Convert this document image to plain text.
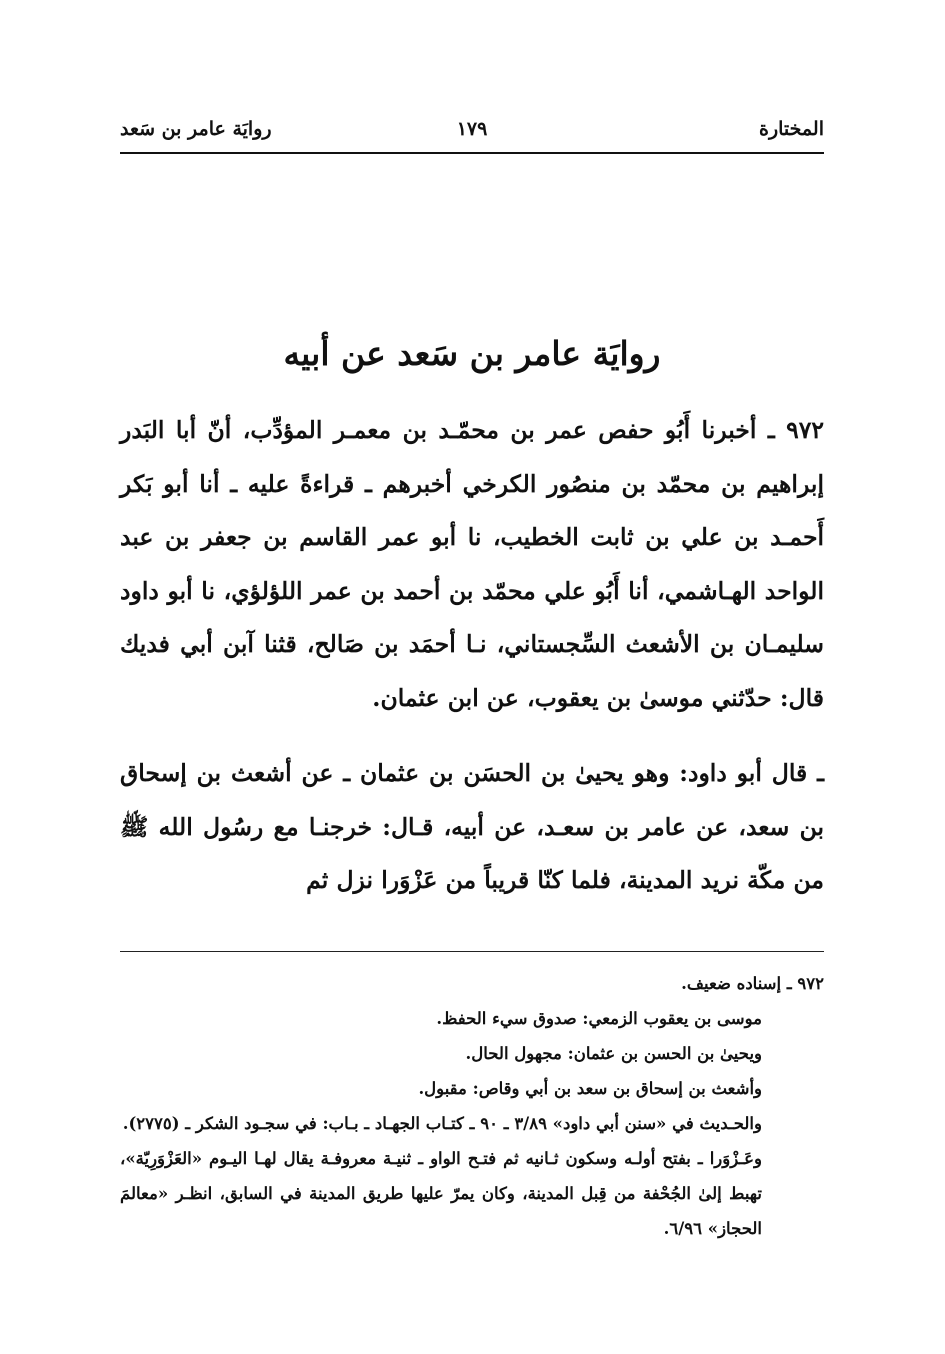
المختارة
١٧٩
روايَة عامر بن سَعد
روايَة عامر بن سَعد عن أبيه

٩٧٢ ـ أخبرنا أَبُو حفص عمر بن محمّـد بن معمـر المؤدِّب، أنّ أبا البَدر إبراهيم بن محمّد بن منصُور الكرخي أخبرهم ـ قراءةً عليه ـ أنا أبو بَكر أَحمـد بن علي بن ثابت الخطيب، نا أبو عمر القاسم بن جعفر بن عبد الواحد الهـاشمي، أنا أَبُو علي محمّد بن أحمد بن عمر اللؤلؤي، نا أبو داود سليمـان بن الأشعث السِّجستاني، نـا أحمَد بن صَالح، قثنا آبن أبي فديك قال: حدّثني موسىٰ بن يعقوب، عن ابن عثمان.

ـ قال أبو داود: وهو يحيىٰ بن الحسَن بن عثمان ـ عن أشعث بن إسحاق بن سعد، عن عامر بن سعـد، عن أبيه، قـال: خرجنـا مع رسُول الله ﷺ من مكّة نريد المدينة، فلما كنّا قريباً من عَزْوَرا نزل ثم

٩٧٢ ـ إسناده ضعيف.

موسى بن يعقوب الزمعي: صدوق سيء الحفظ.

ويحيىٰ بن الحسن بن عثمان: مجهول الحال.

وأشعث بن إسحاق بن سعد بن أبي وقاص: مقبول.

والحـديث في «سنن أبي داود» ٣/٨٩ ـ ٩٠ ـ كتـاب الجهـاد ـ بـاب: في سجـود الشكر ـ (٢٧٧٥).

وعَـزْوَرا ـ بفتح أولـه وسكون ثـانيه ثم فتـح الواو ـ ثنيـة معروفـة يقال لهـا اليـوم «العَزْوَرِيّة»، تهبط إلىٰ الجُحْفة من قِبل المدينة، وكان يمرّ عليها طريق المدينة في السابق، انظـر «معالمَ الحجاز» ٦/٩٦.
